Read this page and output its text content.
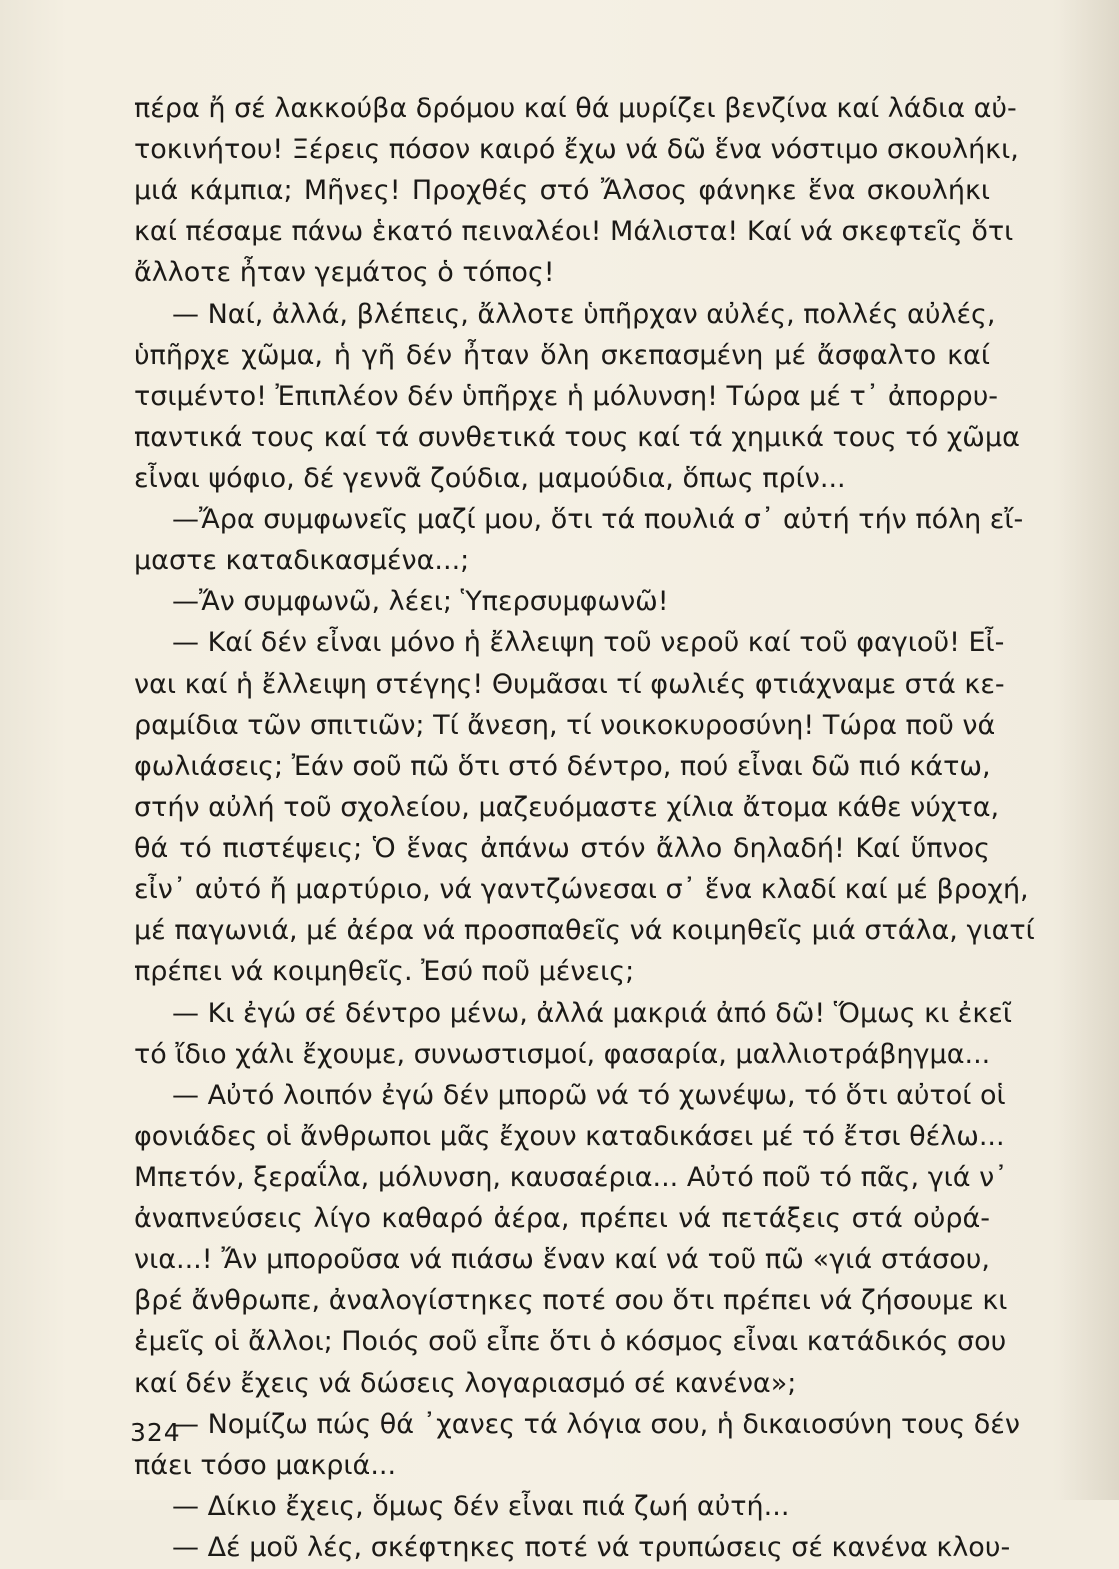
πέρα ἤ σέ λακκούβα δρόμου καί θά μυρίζει βενζίνα καί λάδια αὐ-
τοκινήτου! Ξέρεις πόσον καιρό ἔχω νά δῶ ἕνα νόστιμο σκουλήκι,
μιά κάμπια; Μῆνες! Προχθές στό Ἄλσος φάνηκε ἕνα σκουλήκι
καί πέσαμε πάνω ἑκατό πειναλέοι! Μάλιστα! Καί νά σκεφτεῖς ὅτι
ἄλλοτε ἦταν γεμάτος ὁ τόπος!
— Ναί, ἀλλά, βλέπεις, ἄλλοτε ὑπῆρχαν αὐλές, πολλές αὐλές,
ὑπῆρχε χῶμα, ἡ γῆ δέν ἦταν ὅλη σκεπασμένη μέ ἄσφαλτο καί
τσιμέντο! Ἐπιπλέον δέν ὑπῆρχε ἡ μόλυνση! Τώρα μέ τ᾿ ἀπορρυ-
παντικά τους καί τά συνθετικά τους καί τά χημικά τους τό χῶμα
εἶναι ψόφιο, δέ γεννᾶ ζούδια, μαμούδια, ὅπως πρίν...
—Ἄρα συμφωνεῖς μαζί μου, ὅτι τά πουλιά σ᾿ αὐτή τήν πόλη εἴ-
μαστε καταδικασμένα...;
—Ἄν συμφωνῶ, λέει; Ὑπερσυμφωνῶ!
— Καί δέν εἶναι μόνο ἡ ἔλλειψη τοῦ νεροῦ καί τοῦ φαγιοῦ! Εἶ-
ναι καί ἡ ἔλλειψη στέγης! Θυμᾶσαι τί φωλιές φτιάχναμε στά κε-
ραμίδια τῶν σπιτιῶν; Τί ἄνεση, τί νοικοκυροσύνη! Τώρα ποῦ νά
φωλιάσεις; Ἐάν σοῦ πῶ ὅτι στό δέντρο, πού εἶναι δῶ πιό κάτω,
στήν αὐλή τοῦ σχολείου, μαζευόμαστε χίλια ἄτομα κάθε νύχτα,
θά τό πιστέψεις; Ὁ ἕνας ἀπάνω στόν ἄλλο δηλαδή! Καί ὕπνος
εἶν᾿ αὐτό ἤ μαρτύριο, νά γαντζώνεσαι σ᾿ ἕνα κλαδί καί μέ βροχή,
μέ παγωνιά, μέ ἀέρα νά προσπαθεῖς νά κοιμηθεῖς μιά στάλα, γιατί
πρέπει νά κοιμηθεῖς. Ἐσύ ποῦ μένεις;
— Κι ἐγώ σέ δέντρο μένω, ἀλλά μακριά ἀπό δῶ! Ὅμως κι ἐκεῖ
τό ἴδιο χάλι ἔχουμε, συνωστισμοί, φασαρία, μαλλιοτράβηγμα...
— Αὐτό λοιπόν ἐγώ δέν μπορῶ νά τό χωνέψω, τό ὅτι αὐτοί οἱ
φονιάδες οἱ ἄνθρωποι μᾶς ἔχουν καταδικάσει μέ τό ἔτσι θέλω...
Μπετόν, ξεραΐλα, μόλυνση, καυσαέρια... Αὐτό ποῦ τό πᾶς, γιά ν᾿
ἀναπνεύσεις λίγο καθαρό ἀέρα, πρέπει νά πετάξεις στά οὐρά-
νια...! Ἄν μποροῦσα νά πιάσω ἕναν καί νά τοῦ πῶ «γιά στάσου,
βρέ ἄνθρωπε, ἀναλογίστηκες ποτέ σου ὅτι πρέπει νά ζήσουμε κι
ἐμεῖς οἱ ἄλλοι; Ποιός σοῦ εἶπε ὅτι ὁ κόσμος εἶναι κατάδικός σου
καί δέν ἔχεις νά δώσεις λογαριασμό σέ κανένα»;
— Νομίζω πώς θά ᾽χανες τά λόγια σου, ἡ δικαιοσύνη τους δέν
πάει τόσο μακριά...
— Δίκιο ἔχεις, ὅμως δέν εἶναι πιά ζωή αὐτή...
— Δέ μοῦ λές, σκέφτηκες ποτέ νά τρυπώσεις σέ κανένα κλου-
324
